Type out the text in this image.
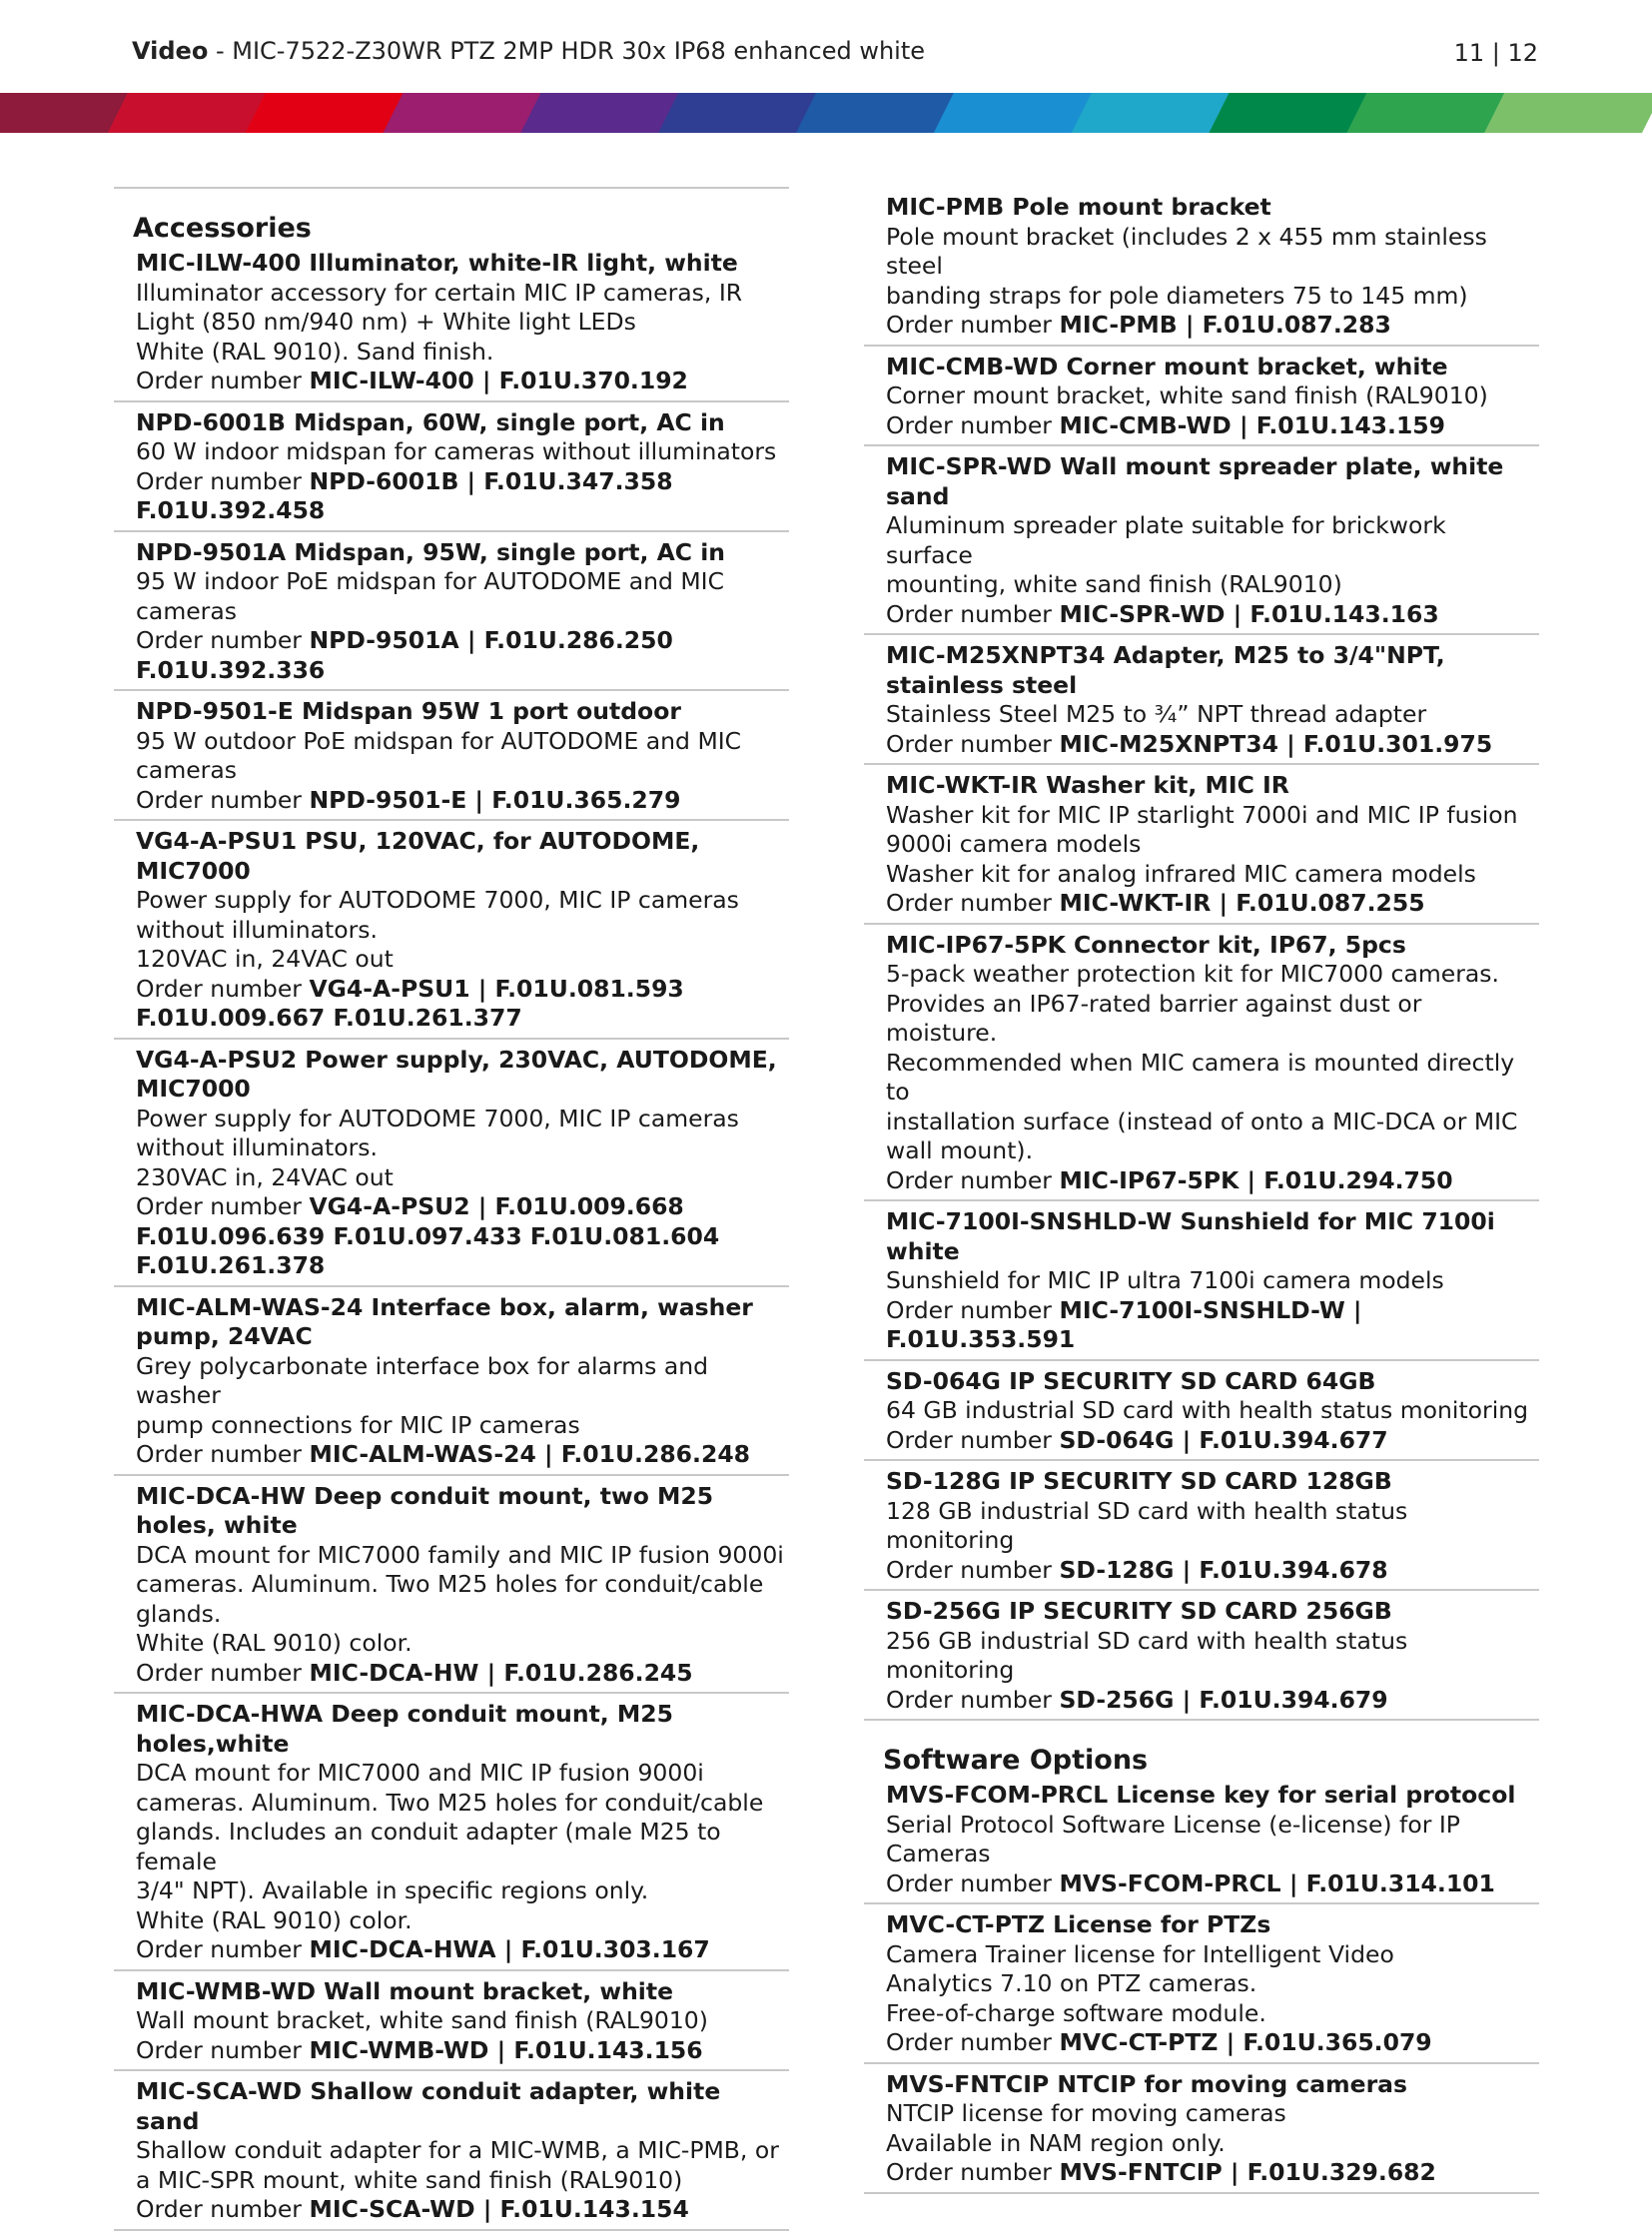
Video - MIC-7522-Z30WR PTZ 2MP HDR 30x IP68 enhanced white	11 | 12
Accessories
MIC-ILW-400 Illuminator, white-IR light, white
Illuminator accessory for certain MIC IP cameras, IR
Light (850 nm/940 nm) + White light LEDs
White (RAL 9010). Sand finish.
Order number MIC-ILW-400 | F.01U.370.192
NPD-6001B Midspan, 60W, single port, AC in
60 W indoor midspan for cameras without illuminators
Order number NPD-6001B | F.01U.347.358
F.01U.392.458
NPD-9501A Midspan, 95W, single port, AC in
95 W indoor PoE midspan for AUTODOME and MIC
cameras
Order number NPD-9501A | F.01U.286.250
F.01U.392.336
NPD-9501-E Midspan 95W 1 port outdoor
95 W outdoor PoE midspan for AUTODOME and MIC
cameras
Order number NPD-9501-E | F.01U.365.279
VG4-A-PSU1 PSU, 120VAC, for AUTODOME, MIC7000
Power supply for AUTODOME 7000, MIC IP cameras
without illuminators.
120VAC in, 24VAC out
Order number VG4-A-PSU1 | F.01U.081.593
F.01U.009.667 F.01U.261.377
VG4-A-PSU2 Power supply, 230VAC, AUTODOME, MIC7000
Power supply for AUTODOME 7000, MIC IP cameras
without illuminators.
230VAC in, 24VAC out
Order number VG4-A-PSU2 | F.01U.009.668
F.01U.096.639 F.01U.097.433 F.01U.081.604
F.01U.261.378
MIC-ALM-WAS-24 Interface box, alarm, washer pump, 24VAC
Grey polycarbonate interface box for alarms and washer
pump connections for MIC IP cameras
Order number MIC-ALM-WAS-24 | F.01U.286.248
MIC-DCA-HW Deep conduit mount, two M25 holes, white
DCA mount for MIC7000 family and MIC IP fusion 9000i
cameras. Aluminum. Two M25 holes for conduit/cable
glands.
White (RAL 9010) color.
Order number MIC-DCA-HW | F.01U.286.245
MIC-DCA-HWA Deep conduit mount, M25 holes,white
DCA mount for MIC7000 and MIC IP fusion 9000i
cameras. Aluminum. Two M25 holes for conduit/cable
glands. Includes an conduit adapter (male M25 to female
3/4" NPT). Available in specific regions only.
White (RAL 9010) color.
Order number MIC-DCA-HWA | F.01U.303.167
MIC-WMB-WD Wall mount bracket, white
Wall mount bracket, white sand finish (RAL9010)
Order number MIC-WMB-WD | F.01U.143.156
MIC-SCA-WD Shallow conduit adapter, white sand
Shallow conduit adapter for a MIC-WMB, a MIC-PMB, or
a MIC-SPR mount, white sand finish (RAL9010)
Order number MIC-SCA-WD | F.01U.143.154
MIC-PMB Pole mount bracket
Pole mount bracket (includes 2 x 455 mm stainless steel
banding straps for pole diameters 75 to 145 mm)
Order number MIC-PMB | F.01U.087.283
MIC-CMB-WD Corner mount bracket, white
Corner mount bracket, white sand finish (RAL9010)
Order number MIC-CMB-WD | F.01U.143.159
MIC-SPR-WD Wall mount spreader plate, white sand
Aluminum spreader plate suitable for brickwork surface
mounting, white sand finish (RAL9010)
Order number MIC-SPR-WD | F.01U.143.163
MIC-M25XNPT34 Adapter, M25 to 3/4"NPT, stainless steel
Stainless Steel M25 to ¾” NPT thread adapter
Order number MIC-M25XNPT34 | F.01U.301.975
MIC-WKT-IR Washer kit, MIC IR
Washer kit for MIC IP starlight 7000i and MIC IP fusion
9000i camera models
Washer kit for analog infrared MIC camera models
Order number MIC-WKT-IR | F.01U.087.255
MIC-IP67-5PK Connector kit, IP67, 5pcs
5-pack weather protection kit for MIC7000 cameras.
Provides an IP67-rated barrier against dust or moisture.
Recommended when MIC camera is mounted directly to
installation surface (instead of onto a MIC-DCA or MIC
wall mount).
Order number MIC-IP67-5PK | F.01U.294.750
MIC-7100I-SNSHLD-W Sunshield for MIC 7100i white
Sunshield for MIC IP ultra 7100i camera models
Order number MIC-7100I-SNSHLD-W | F.01U.353.591
SD-064G IP SECURITY SD CARD 64GB
64 GB industrial SD card with health status monitoring
Order number SD-064G | F.01U.394.677
SD-128G IP SECURITY SD CARD 128GB
128 GB industrial SD card with health status monitoring
Order number SD-128G | F.01U.394.678
SD-256G IP SECURITY SD CARD 256GB
256 GB industrial SD card with health status monitoring
Order number SD-256G | F.01U.394.679
Software Options
MVS-FCOM-PRCL License key for serial protocol
Serial Protocol Software License (e-license) for IP
Cameras
Order number MVS-FCOM-PRCL | F.01U.314.101
MVC-CT-PTZ License for PTZs
Camera Trainer license for Intelligent Video
Analytics 7.10 on PTZ cameras.
Free-of-charge software module.
Order number MVC-CT-PTZ | F.01U.365.079
MVS-FNTCIP NTCIP for moving cameras
NTCIP license for moving cameras
Available in NAM region only.
Order number MVS-FNTCIP | F.01U.329.682
